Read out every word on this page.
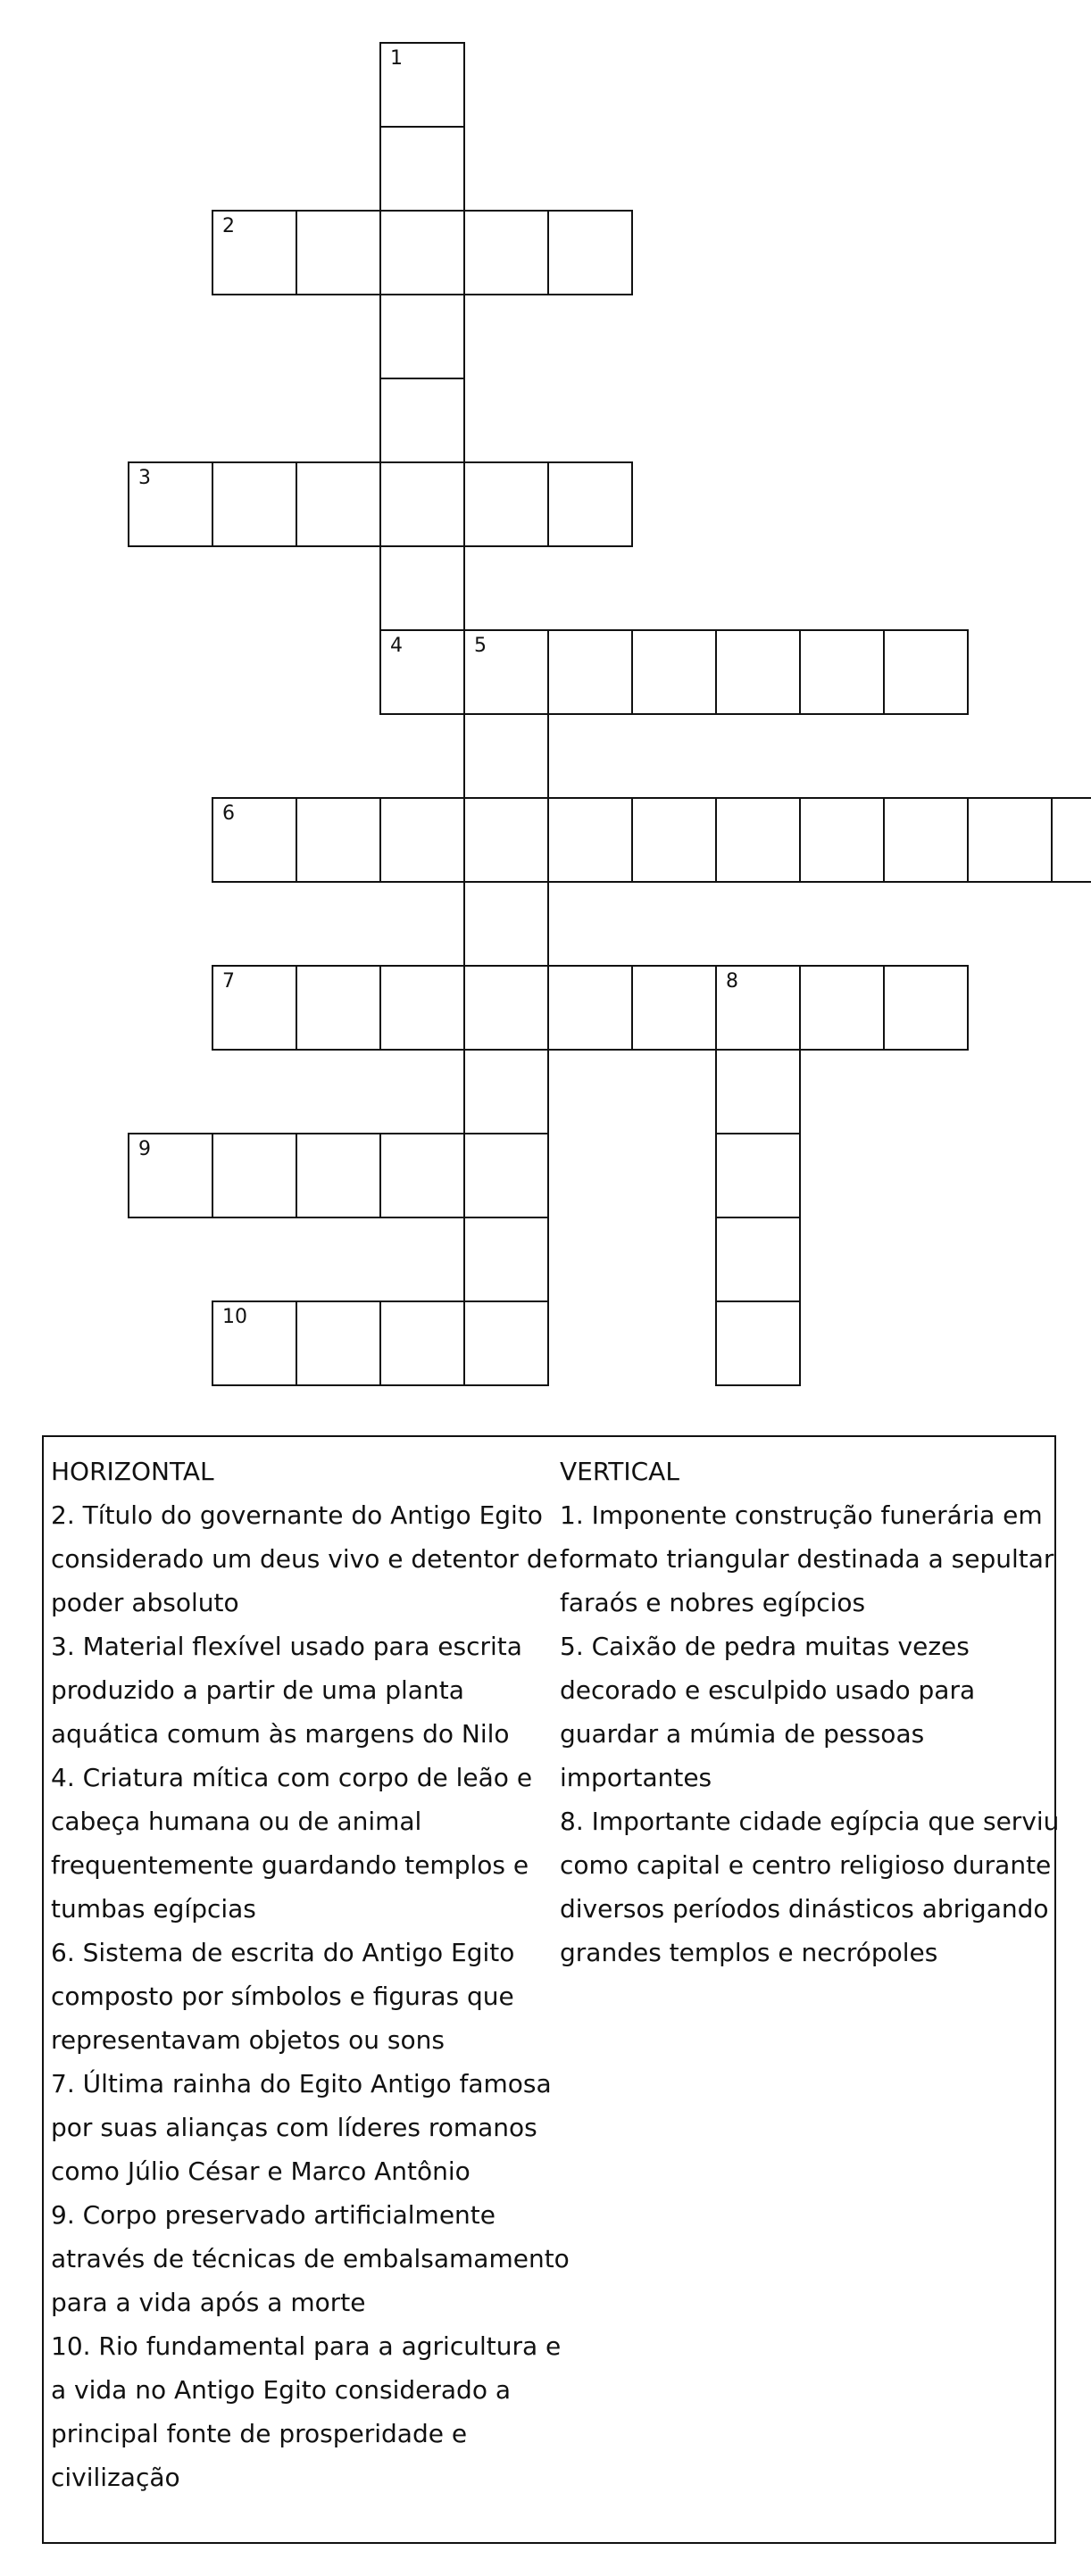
1
2
3
4	5
6
7	8
9
10
HORIZONTAL
2. Título do governante do Antigo Egito
considerado um deus vivo e detentor de
poder absoluto
3. Material flexível usado para escrita
produzido a partir de uma planta
aquática comum às margens do Nilo
4. Criatura mítica com corpo de leão e
cabeça humana ou de animal
frequentemente guardando templos e
tumbas egípcias
6. Sistema de escrita do Antigo Egito
composto por símbolos e figuras que
representavam objetos ou sons
7. Última rainha do Egito Antigo famosa
por suas alianças com líderes romanos
como Júlio César e Marco Antônio
9. Corpo preservado artificialmente
através de técnicas de embalsamamento
para a vida após a morte
10. Rio fundamental para a agricultura e
a vida no Antigo Egito considerado a
principal fonte de prosperidade e
civilização
VERTICAL
1. Imponente construção funerária em
formato triangular destinada a sepultar
faraós e nobres egípcios
5. Caixão de pedra muitas vezes
decorado e esculpido usado para
guardar a múmia de pessoas
importantes
8. Importante cidade egípcia que serviu
como capital e centro religioso durante
diversos períodos dinásticos abrigando
grandes templos e necrópoles
